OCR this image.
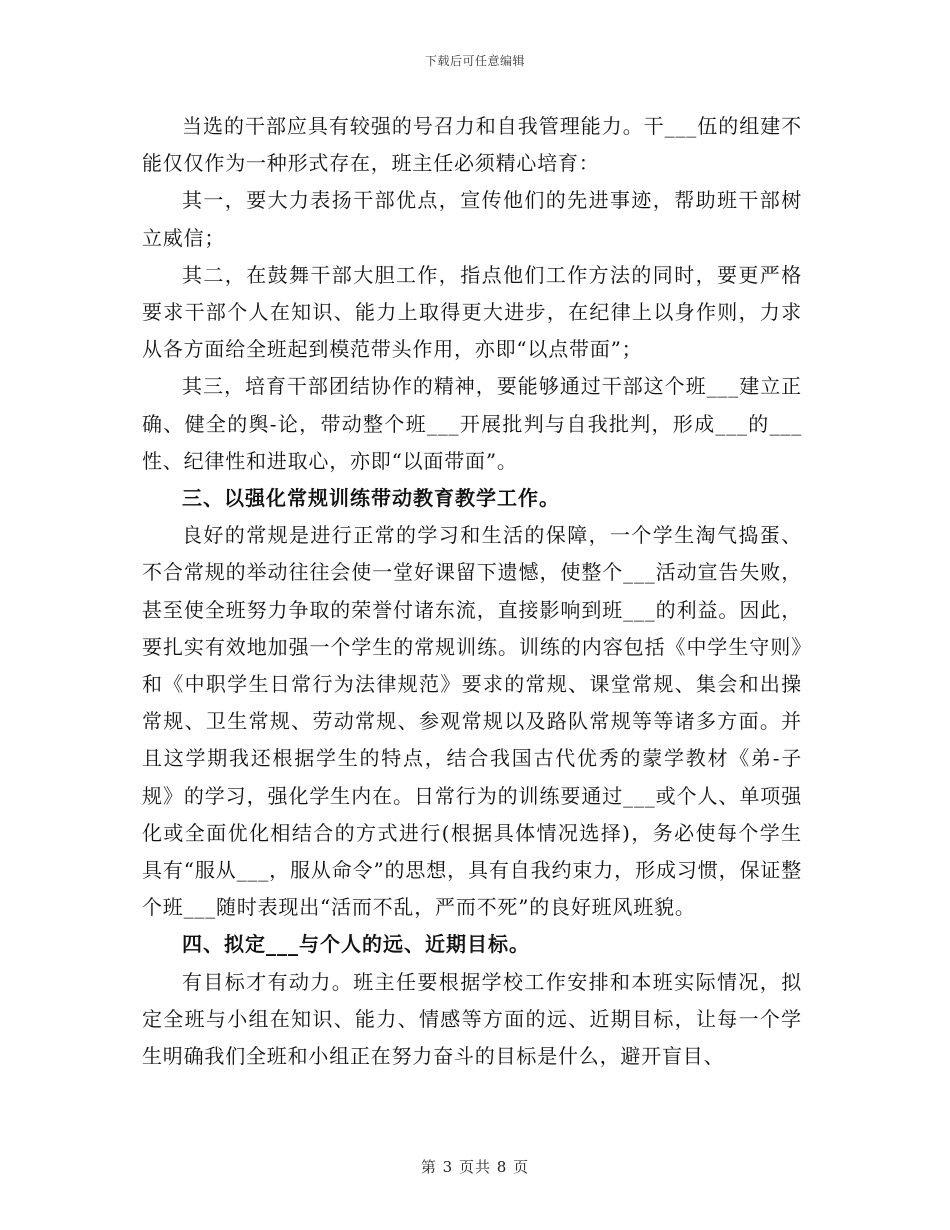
下载后可任意编辑

当选的干部应具有较强的号召力和自我管理能力。干___伍的组建不能仅仅作为一种形式存在，班主任必须精心培育：

其一，要大力表扬干部优点，宣传他们的先进事迹，帮助班干部树立威信；

其二，在鼓舞干部大胆工作，指点他们工作方法的同时，要更严格要求干部个人在知识、能力上取得更大进步，在纪律上以身作则，力求从各方面给全班起到模范带头作用，亦即“以点带面”；

其三，培育干部团结协作的精神，要能够通过干部这个班___建立正确、健全的舆-论，带动整个班___开展批判与自我批判，形成___的___性、纪律性和进取心，亦即“以面带面”。

三、以强化常规训练带动教育教学工作。

良好的常规是进行正常的学习和生活的保障，一个学生淘气捣蛋、不合常规的举动往往会使一堂好课留下遗憾，使整个___活动宣告失败，甚至使全班努力争取的荣誉付诸东流，直接影响到班___的利益。因此，要扎实有效地加强一个学生的常规训练。训练的内容包括《中学生守则》和《中职学生日常行为法律规范》要求的常规、课堂常规、集会和出操常规、卫生常规、劳动常规、参观常规以及路队常规等等诸多方面。并且这学期我还根据学生的特点，结合我国古代优秀的蒙学教材《弟-子规》的学习，强化学生内在。日常行为的训练要通过___或个人、单项强化或全面优化相结合的方式进行(根据具体情况选择)，务必使每个学生具有“服从___，服从命令”的思想，具有自我约束力，形成习惯，保证整个班___随时表现出“活而不乱，严而不死”的良好班风班貌。

四、拟定___与个人的远、近期目标。

有目标才有动力。班主任要根据学校工作安排和本班实际情况，拟定全班与小组在知识、能力、情感等方面的远、近期目标，让每一个学生明确我们全班和小组正在努力奋斗的目标是什么，避开盲目、

第 3 页共 8 页
